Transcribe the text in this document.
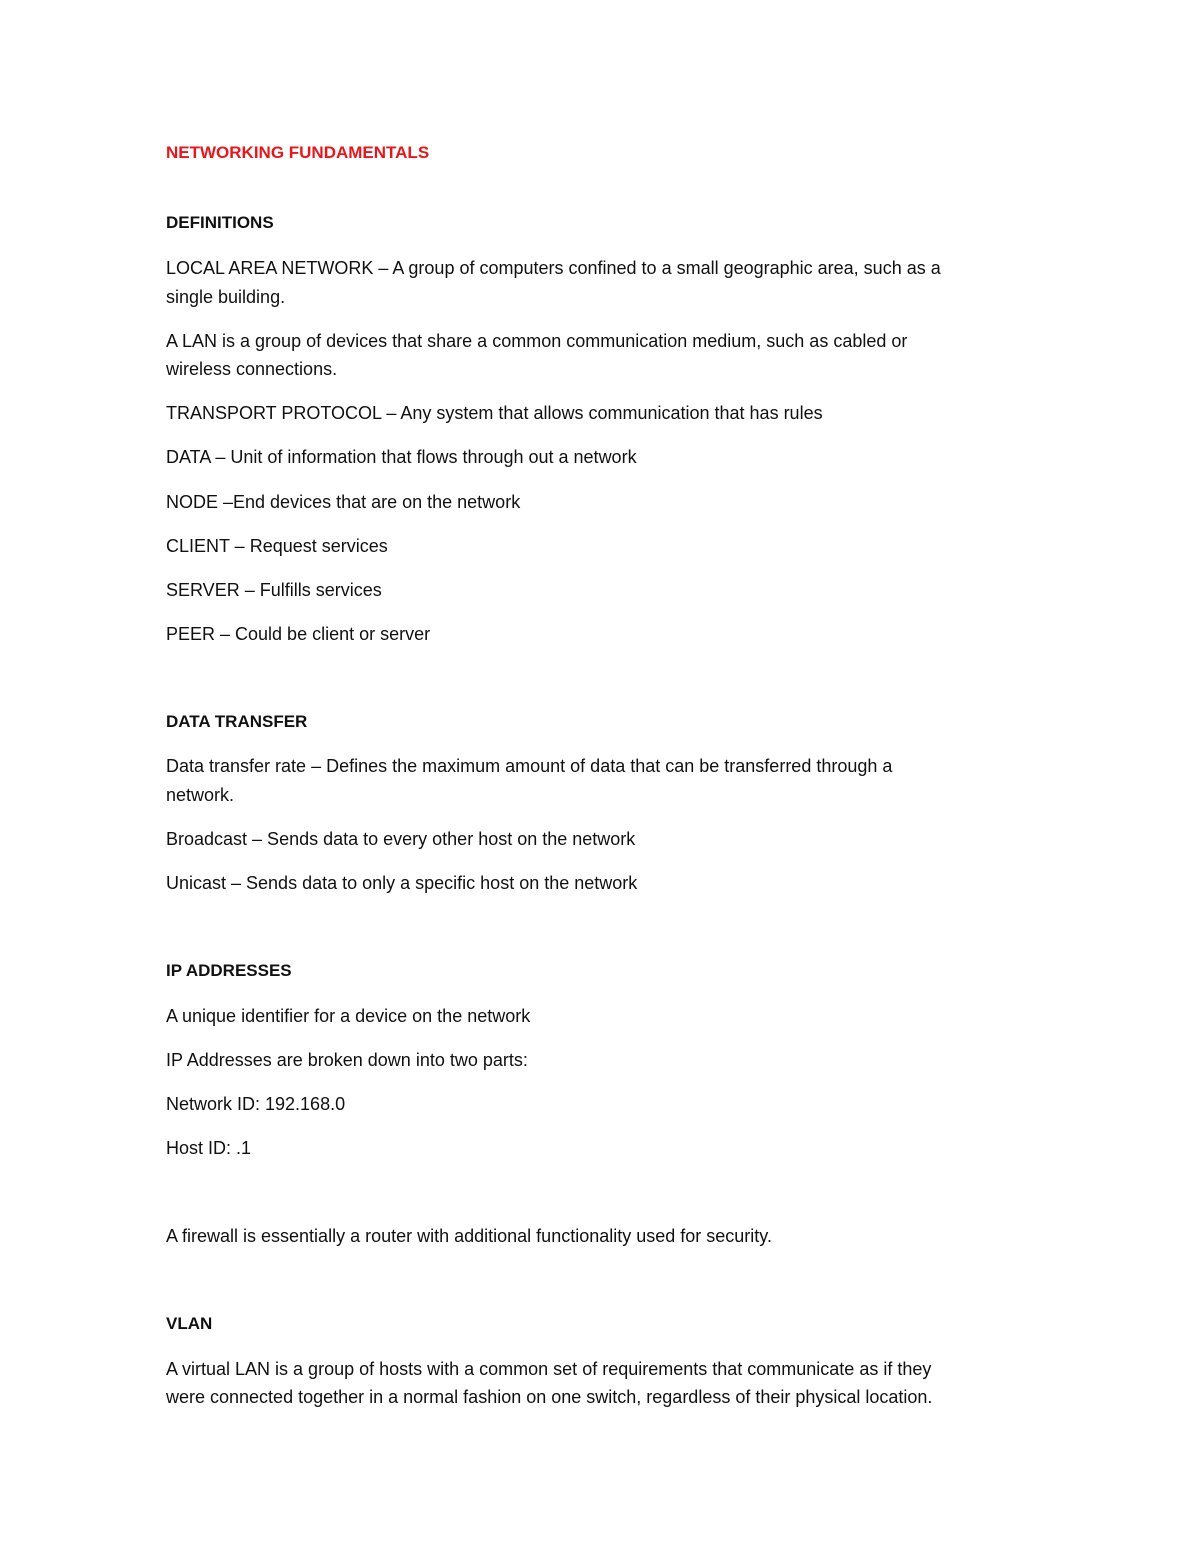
NETWORKING FUNDAMENTALS

DEFINITIONS

LOCAL AREA NETWORK – A group of computers confined to a small geographic area, such as a

single building.

A LAN is a group of devices that share a common communication medium, such as cabled or

wireless connections.

TRANSPORT PROTOCOL – Any system that allows communication that has rules

DATA – Unit of information that flows through out a network

NODE –End devices that are on the network

CLIENT – Request services

SERVER – Fulfills services

PEER – Could be client or server

DATA TRANSFER

Data transfer rate – Defines the maximum amount of data that can be transferred through a

network.

Broadcast – Sends data to every other host on the network

Unicast – Sends data to only a specific host on the network

IP ADDRESSES

A unique identifier for a device on the network

IP Addresses are broken down into two parts:

Network ID: 192.168.0

Host ID: .1

A firewall is essentially a router with additional functionality used for security.

VLAN

A virtual LAN is a group of hosts with a common set of requirements that communicate as if they

were connected together in a normal fashion on one switch, regardless of their physical location.
